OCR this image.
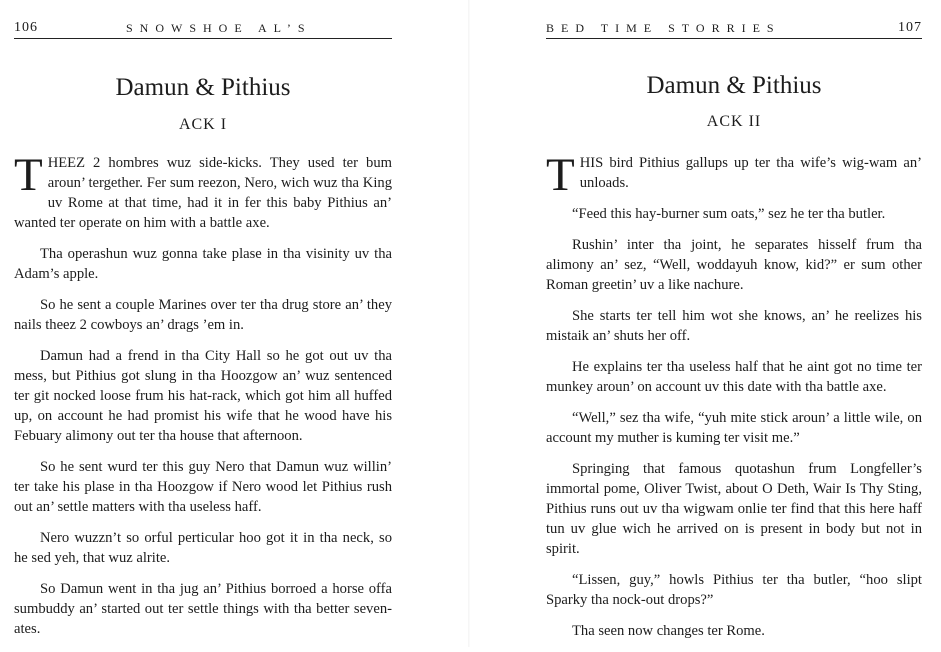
106	SNOWSHOE AL’S
Damun & Pithius
ACK I

THEEZ 2 hombres wuz side-kicks. They used ter bum aroun’ tergether. Fer sum reezon, Nero, wich wuz tha King uv Rome at that time, had it in fer this baby Pithius an’ wanted ter operate on him with a battle axe.

Tha operashun wuz gonna take plase in tha visinity uv tha Adam’s apple.

So he sent a couple Marines over ter tha drug store an’ they nails theez 2 cowboys an’ drags ’em in.

Damun had a frend in tha City Hall so he got out uv tha mess, but Pithius got slung in tha Hoozgow an’ wuz sentenced ter git nocked loose frum his hat-rack, which got him all huffed up, on account he had promist his wife that he wood have his Febuary alimony out ter tha house that afternoon.

So he sent wurd ter this guy Nero that Damun wuz willin’ ter take his plase in tha Hoozgow if Nero wood let Pithius rush out an’ settle matters with tha useless haff.

Nero wuzzn’t so orful perticular hoo got it in tha neck, so he sed yeh, that wuz alrite.

So Damun went in tha jug an’ Pithius borroed a horse offa sumbuddy an’ started out ter settle things with tha better seven-ates.

BED TIME STORRIES	107
Damun & Pithius
ACK II

THIS bird Pithius gallups up ter tha wife’s wig-wam an’ unloads.

“Feed this hay-burner sum oats,” sez he ter tha butler.

Rushin’ inter tha joint, he separates hisself frum tha alimony an’ sez, “Well, woddayuh know, kid?” er sum other Roman greetin’ uv a like nachure.

She starts ter tell him wot she knows, an’ he reelizes his mistaik an’ shuts her off.

He explains ter tha useless half that he aint got no time ter munkey aroun’ on account uv this date with tha battle axe.

“Well,” sez tha wife, “yuh mite stick aroun’ a little wile, on account my muther is kuming ter visit me.”

Springing that famous quotashun frum Longfeller’s immortal pome, Oliver Twist, about O Deth, Wair Is Thy Sting, Pithius runs out uv tha wigwam onlie ter find that this here haff tun uv glue wich he arrived on is present in body but not in spirit.

“Lissen, guy,” howls Pithius ter tha butler, “hoo slipt Sparky tha nock-out drops?”

Tha seen now changes ter Rome.
